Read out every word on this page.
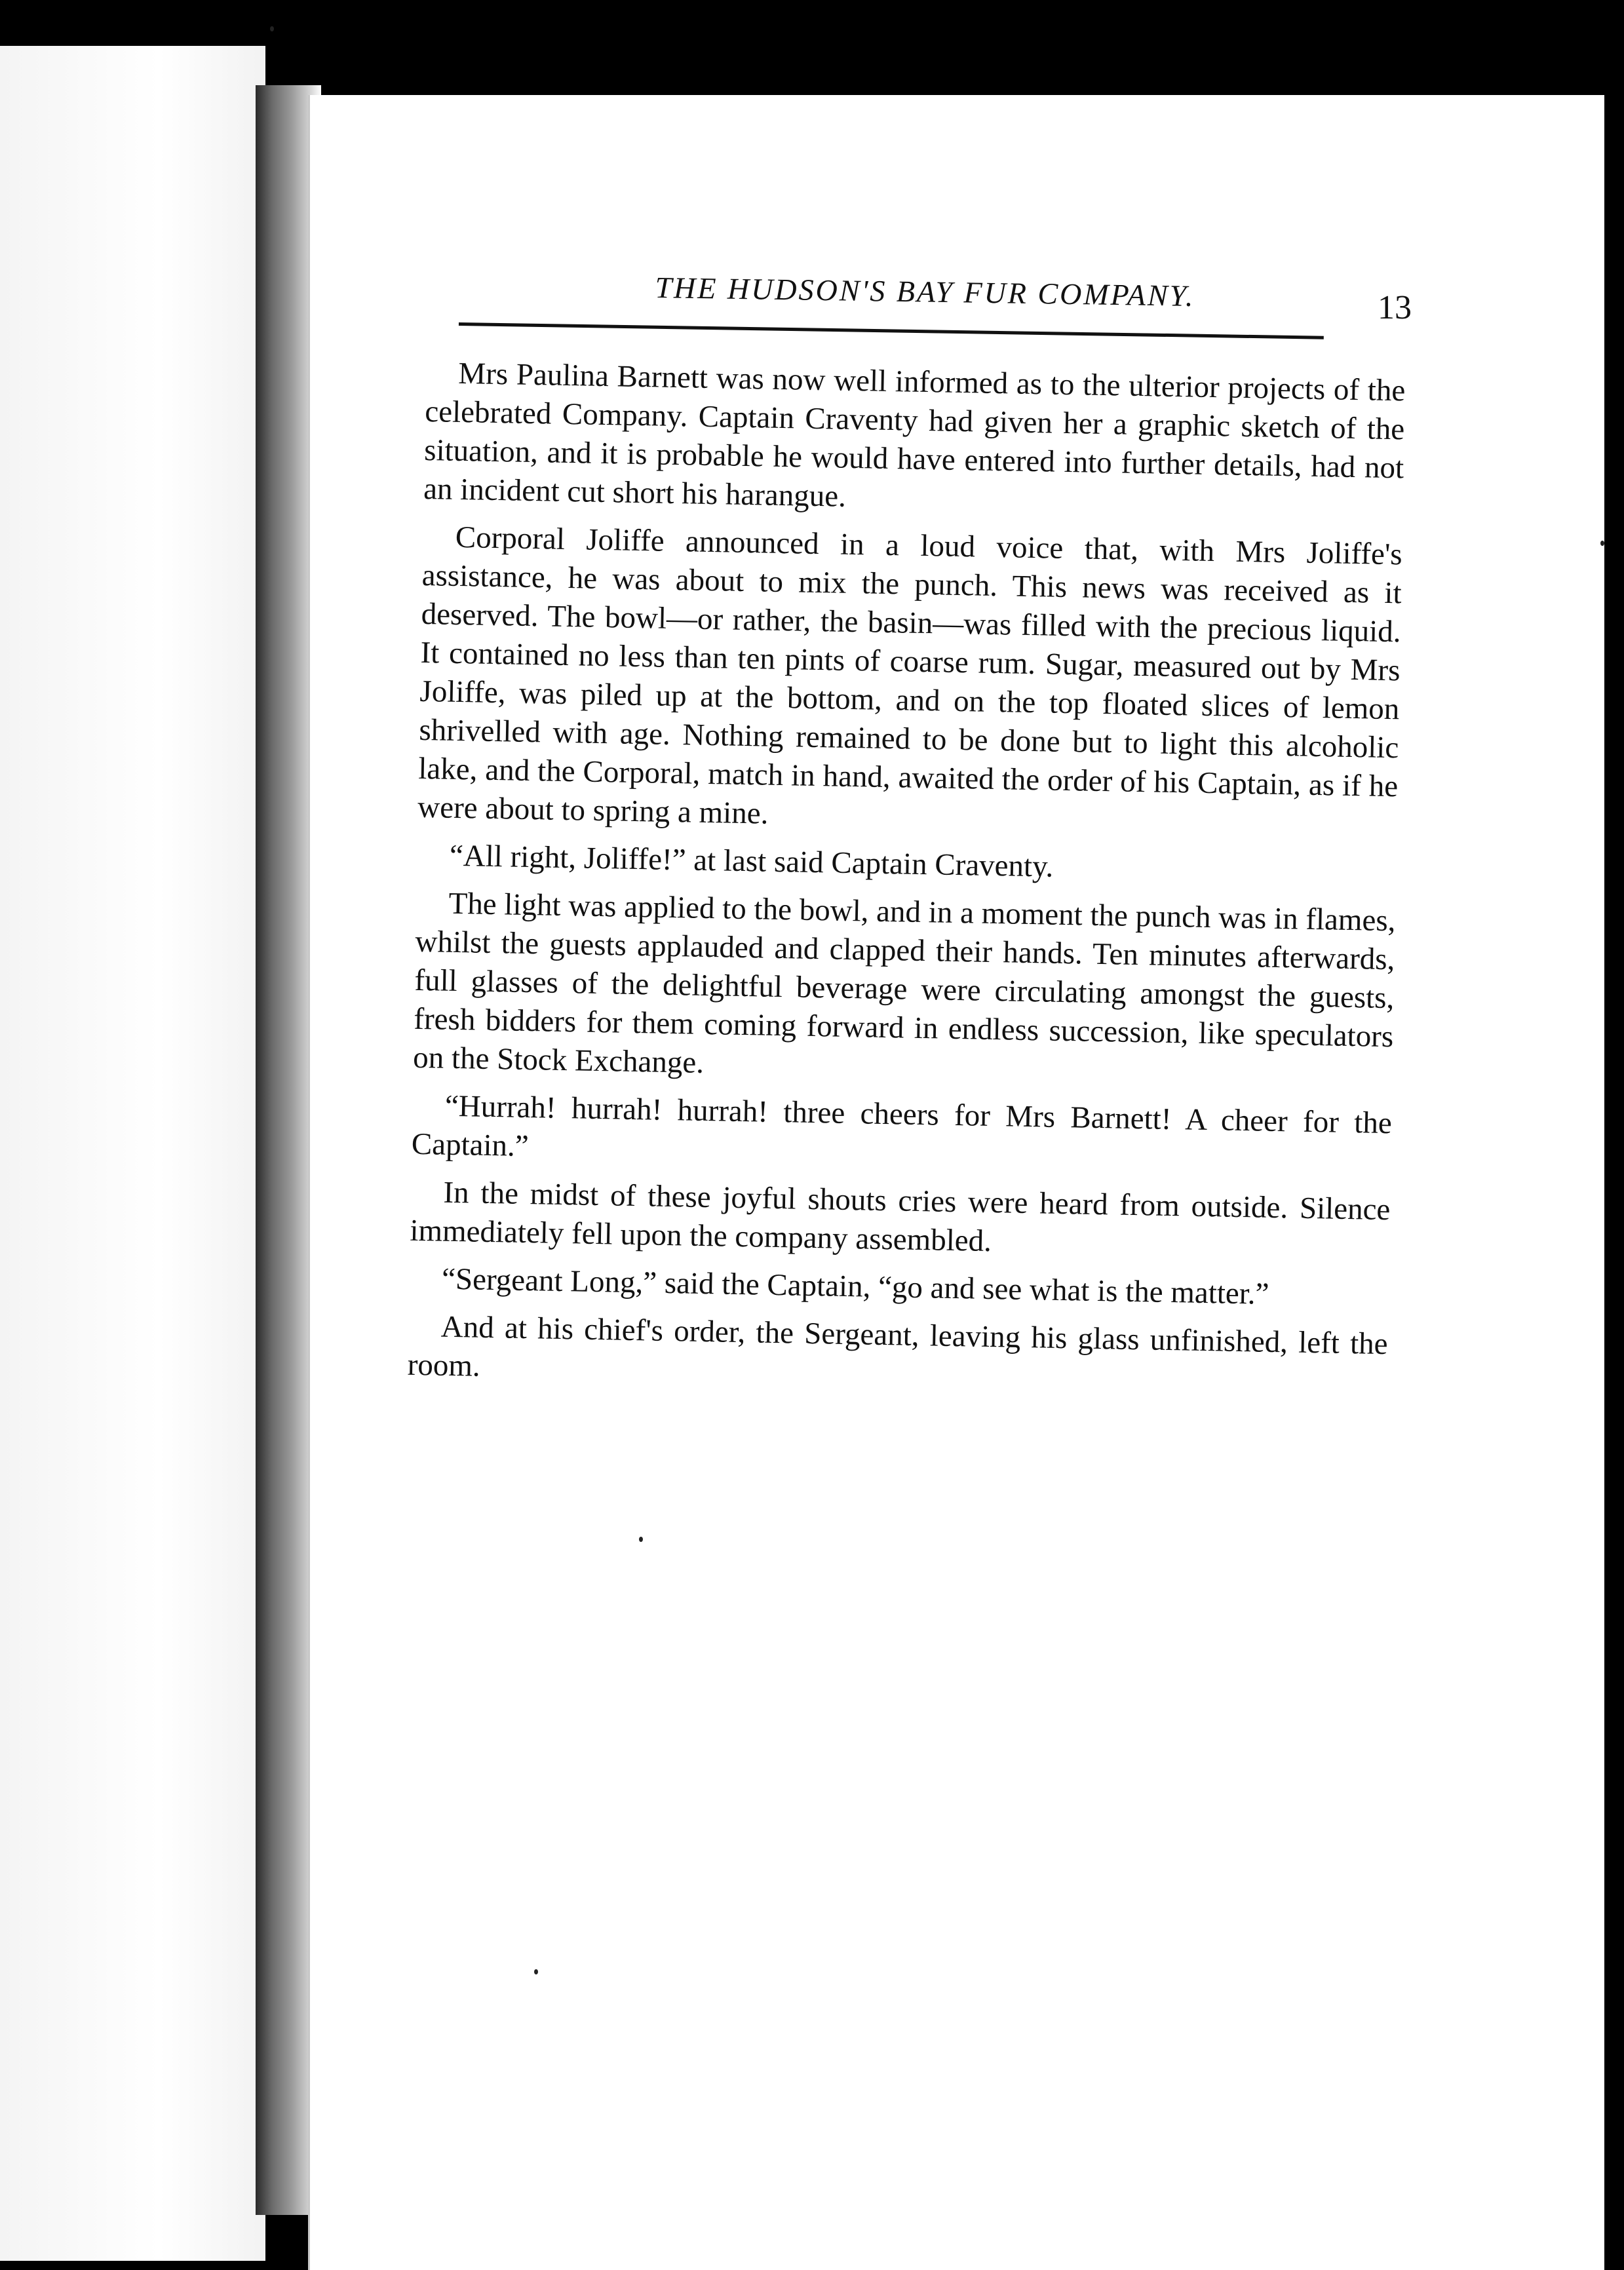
THE HUDSON'S BAY FUR COMPANY.	13

Mrs Paulina Barnett was now well informed as to the ulterior projects of the celebrated Company. Captain Craventy had given her a graphic sketch of the situation, and it is probable he would have entered into further details, had not an incident cut short his harangue.

Corporal Joliffe announced in a loud voice that, with Mrs Joliffe's assistance, he was about to mix the punch. This news was received as it deserved. The bowl—or rather, the basin—was filled with the precious liquid. It contained no less than ten pints of coarse rum. Sugar, measured out by Mrs Joliffe, was piled up at the bottom, and on the top floated slices of lemon shrivelled with age. Nothing remained to be done but to light this alcoholic lake, and the Corporal, match in hand, awaited the order of his Captain, as if he were about to spring a mine.

“All right, Joliffe!” at last said Captain Craventy.

The light was applied to the bowl, and in a moment the punch was in flames, whilst the guests applauded and clapped their hands. Ten minutes afterwards, full glasses of the delightful beverage were circulating amongst the guests, fresh bidders for them coming forward in endless succession, like speculators on the Stock Exchange.

“Hurrah! hurrah! hurrah! three cheers for Mrs Barnett! A cheer for the Captain.”

In the midst of these joyful shouts cries were heard from outside. Silence immediately fell upon the company assembled.

“Sergeant Long,” said the Captain, “go and see what is the matter.”

And at his chief's order, the Sergeant, leaving his glass unfinished, left the room.
